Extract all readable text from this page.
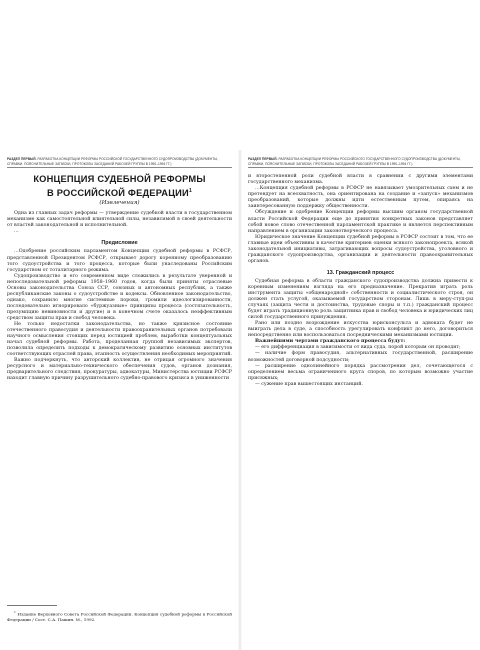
РАЗДЕЛ ПЕРВЫЙ. РАЗРАБОТКА КОНЦЕПЦИИ РЕФОРМЫ РОССИЙСКОЙ ГОСУДАРСТВЕННОГО СУДОПРОИЗВОДСТВА (ДОКУМЕНТЫ, СПРАВКИ, ПОЯСНИТЕЛЬНЫЕ ЗАПИСКИ, ПРОТОКОЛЫ ЗАСЕДАНИЙ РАБОЧЕЙ ГРУППЫ В 1990–1994 ГГ.)
КОНЦЕПЦИЯ СУДЕБНОЙ РЕФОРМЫ
В РОССИЙСКОЙ ФЕДЕРАЦИИ$^1$
(Извлечения)

Одна из главных задач реформы — утверждение судебной власти в государственном механизме как самостоятельной влиятельной силы, независимой в своей деятельности от властей законодательной и исполнительной.

…

Предисловие

…Одобрение российским парламентом Концепции судебной реформы в РСФСР, представленной Президентом РСФСР, открывает дорогу коренному преобразованию того судоустройства и того процесса, которые были унаследованы Российским государством от тоталитарного режима.

Судопроизводство и его современном виде сложились в результате уверенной и непоследовательной реформы 1958–1960 годов, когда были приняты отраслевые Основы законодательства Союза ССР, союзных и автономных республик, а также республиканские законы о судоустройстве и кодексы. Обновленное законодательство, однако, сохранило многие системные пороки, громили идеологизированности, последовательно игнорировало «буржуазные» принципы процесса (состязательность, презумпцию невиновности и другие) и в конечном счете оказалось неэффективным средством защиты прав и свобод человека.

Не только недостатки законодательства, но также кризисное состояние отечественного правосудия и деятельности правоохранительных органов потребовали научного осмысления стоящих перед юстицией проблем, выработки концептуальных начал судебной реформы. Работа, проделанная группой независимых экспертов, позволила определить подходы к демократическому развитию основных институтов соответствующих отраслей права, этапность осуществления необходимых мероприятий.

Важно подчеркнуть, что авторский коллектив, не отрицая огромного значения ресурсного и материально-технического обеспечения судов, органов дознания, предварительного следствия, прокуратуры, адвокатуры, Министерства юстиции РСФСР находит главную причину разрушительного судебно-правового кризиса в униженности

$^1$ Издание Верховного Совета Российской Федерации. Концепция судебной реформы в Российской Федерации / Сост. С.А. Пашин. М., 1992.
РАЗДЕЛ ПЕРВЫЙ. РАЗРАБОТКА КОНЦЕПЦИИ РЕФОРМЫ РОССИЙСКОГО ГОСУДАРСТВЕННОГО СУДОПРОИЗВОДСТВА (ДОКУМЕНТЫ, СПРАВКИ, ПОЯСНИТЕЛЬНЫЕ ЗАПИСКИ, ПРОТОКОЛЫ ЗАСЕДАНИЙ РАБОЧЕЙ ГРУППЫ В 1990–1994 ГГ.)

и второстепенной роли судебной власти в сравнении с другими элементами государственного механизма.

…Концепция судебной реформы в РСФСР не навязывает умозрительных схем и не претендует на всеохватность, она ориентирована на создание и «запуск» механизмов преобразований, которые должны идти естественным путем, опираясь на заинтересованную поддержку общественности.

Обсуждение и одобрение Концепции реформы высшим органом государственной власти Российской Федерации еще до принятия конкретных законов представляет собой новое слово отечественной парламентской практике и является перспективным направлением в организации законотворческого процесса.

Юридическое значение Концепции судебной реформы в РСФСР состоит в том, что ее главные идеи объективны в качестве критериев оценки всякого законопроекта, всякой законодательной инициативы, затрагивающих вопросы судоустройства, уголовного и гражданского судопроизводства, организации и деятельности правоохранительных органов.

13. Гражданский процесс

Судебная реформа в области гражданского судопроизводства должна привести к коренным изменениям взгляда на его предназначение. Прекратив играть роль инструмента защиты «общенародной» собственности и социалистического строя, он должен стать услугой, оказываемой государством сторонам. Лишь в меру-ступ-ры случаях (защита чести и достоинства, трудовые споры и т.п.) гражданский процесс будет играть традиционную роль защитника прав и свобод человека и юридических лиц силой государственного принуждения.

Рано или поздно возрождение искусства юрисконсульта и адвоката будет не выиграть дела в суде, а способность урегулировать конфликт до него, договориться непосредственно или воспользоваться посредническими механизмами юстиции.

Важнейшими чертами гражданского процесса будут:

— его дифференциация в зависимости от вида суда, порой которым он проводит;

— наличие форм правосудия, альтернативных государственной, расширение возможностей договорной подсудности;

— расширение однолинейного порядка рассмотрения дел, сочетающегося с определением весьма ограниченного круга споров, по которым возможно участие присяжных;

— сужение прав вышестоящих инстанций.
